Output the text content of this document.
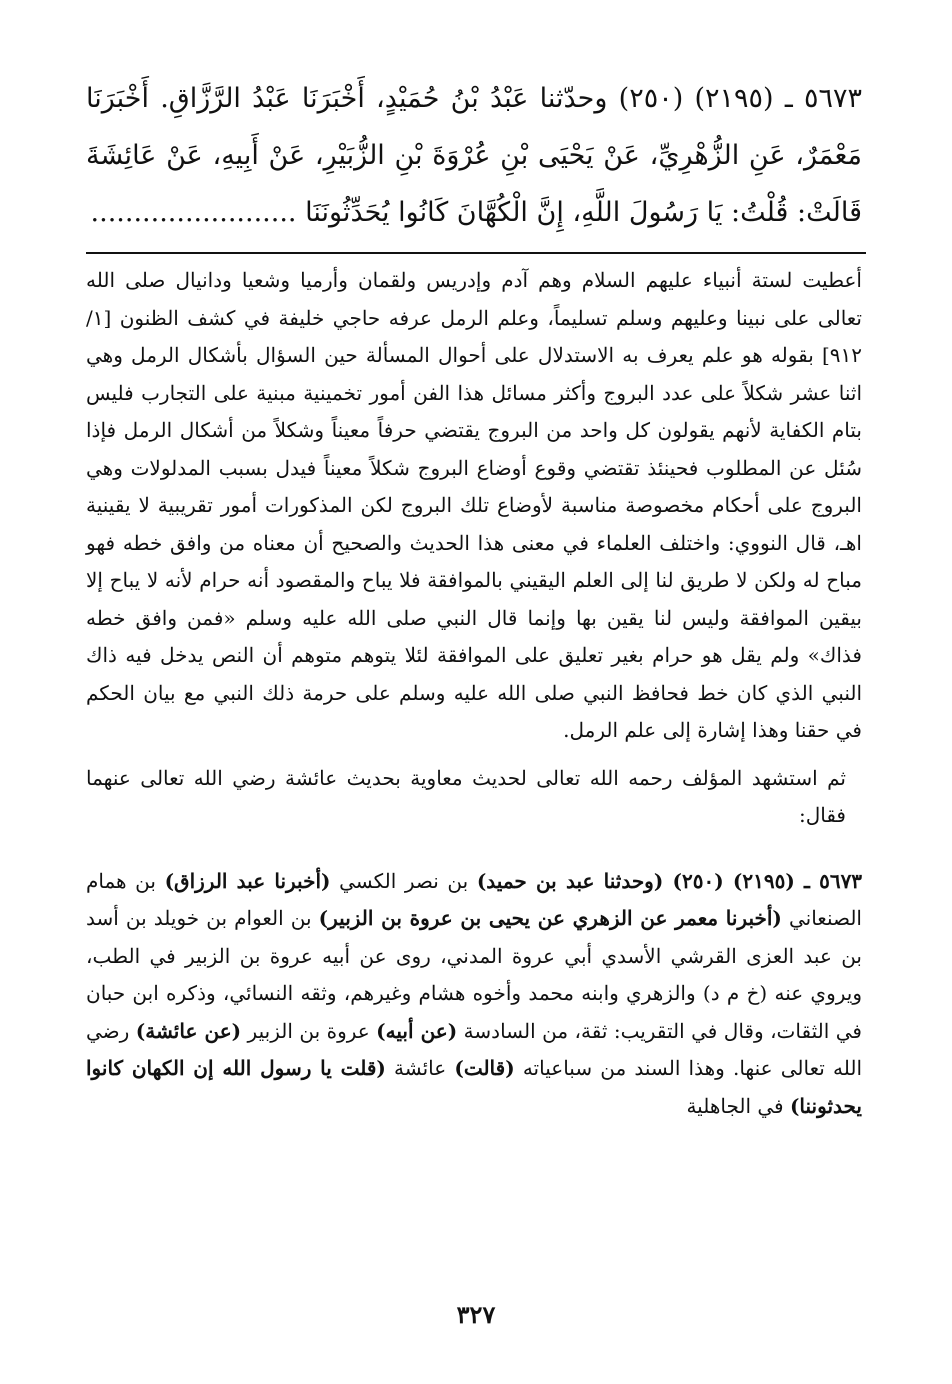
٥٦٧٣ ـ (٢١٩٥) (٢٥٠) وحدّثنا عَبْدُ بْنُ حُمَيْدٍ، أَخْبَرَنَا عَبْدُ الرَّزَّاقِ. أَخْبَرَنَا مَعْمَرٌ، عَنِ الزُّهْرِيِّ، عَنْ يَحْيَى بْنِ عُرْوَةَ بْنِ الزُّبَيْرِ، عَنْ أَبِيهِ، عَنْ عَائِشَةَ قَالَتْ: قُلْتُ: يَا رَسُولَ اللَّهِ، إِنَّ الْكُهَّانَ كَانُوا يُحَدِّثُونَنَا ........................

أعطيت لستة أنبياء عليهم السلام وهم آدم وإدريس ولقمان وأرميا وشعيا ودانيال صلى الله تعالى على نبينا وعليهم وسلم تسليماً، وعلم الرمل عرفه حاجي خليفة في كشف الظنون [١/ ٩١٢] بقوله هو علم يعرف به الاستدلال على أحوال المسألة حين السؤال بأشكال الرمل وهي اثنا عشر شكلاً على عدد البروج وأكثر مسائل هذا الفن أمور تخمينية مبنية على التجارب فليس بتام الكفاية لأنهم يقولون كل واحد من البروج يقتضي حرفاً معيناً وشكلاً من أشكال الرمل فإذا سُئل عن المطلوب فحينئذ تقتضي وقوع أوضاع البروج شكلاً معيناً فيدل بسبب المدلولات وهي البروج على أحكام مخصوصة مناسبة لأوضاع تلك البروج لكن المذكورات أمور تقريبية لا يقينية اهـ، قال النووي: واختلف العلماء في معنى هذا الحديث والصحيح أن معناه من وافق خطه فهو مباح له ولكن لا طريق لنا إلى العلم اليقيني بالموافقة فلا يباح والمقصود أنه حرام لأنه لا يباح إلا بيقين الموافقة وليس لنا يقين بها وإنما قال النبي صلى الله عليه وسلم «فمن وافق خطه فذاك» ولم يقل هو حرام بغير تعليق على الموافقة لئلا يتوهم متوهم أن النص يدخل فيه ذاك النبي الذي كان خط فحافظ النبي صلى الله عليه وسلم على حرمة ذلك النبي مع بيان الحكم في حقنا وهذا إشارة إلى علم الرمل.

ثم استشهد المؤلف رحمه الله تعالى لحديث معاوية بحديث عائشة رضي الله تعالى عنهما فقال:

٥٦٧٣ ـ (٢١٩٥) (٢٥٠) (وحدثنا عبد بن حميد) بن نصر الكسي (أخبرنا عبد الرزاق) بن همام الصنعاني (أخبرنا معمر عن الزهري عن يحيى بن عروة بن الزبير) بن العوام بن خويلد بن أسد بن عبد العزى القرشي الأسدي أبي عروة المدني، روى عن أبيه عروة بن الزبير في الطب، ويروي عنه (خ م د) والزهري وابنه محمد وأخوه هشام وغيرهم، وثقه النسائي، وذكره ابن حبان في الثقات، وقال في التقريب: ثقة، من السادسة (عن أبيه) عروة بن الزبير (عن عائشة) رضي الله تعالى عنها. وهذا السند من سباعياته (قالت) عائشة (قلت يا رسول الله إن الكهان كانوا يحدثوننا) في الجاهلية

٣٢٧
